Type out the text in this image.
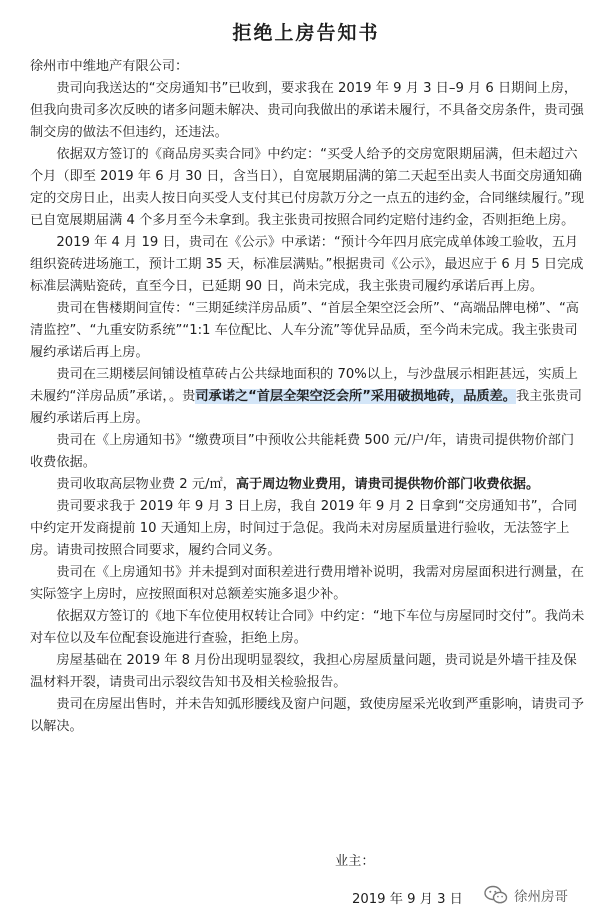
拒绝上房告知书

徐州市中维地产有限公司：

贵司向我送达的“交房通知书”已收到，要求我在 2019 年 9 月 3 日–9 月 6 日期间上房，但我向贵司多次反映的诸多问题未解决、贵司向我做出的承诺未履行，不具备交房条件，贵司强制交房的做法不但违约，还违法。

依据双方签订的《商品房买卖合同》中约定：“买受人给予的交房宽限期届满，但未超过六个月（即至 2019 年 6 月 30 日，含当日），自宽展期届满的第二天起至出卖人书面交房通知确定的交房日止，出卖人按日向买受人支付其已付房款万分之一点五的违约金，合同继续履行。”现已自宽展期届满 4 个多月至今未拿到。我主张贵司按照合同约定赔付违约金，否则拒绝上房。

2019 年 4 月 19 日，贵司在《公示》中承诺：“预计今年四月底完成单体竣工验收，五月组织瓷砖进场施工，预计工期 35 天，标准层满贴。”根据贵司《公示》，最迟应于 6 月 5 日完成标准层满贴瓷砖，直至今日，已延期 90 日，尚未完成，我主张贵司履约承诺后再上房。

贵司在售楼期间宣传：“三期延续洋房品质”、“首层全架空泛会所”、“高端品牌电梯”、“高清监控”、“九重安防系统”“1:1 车位配比、人车分流”等优异品质，至今尚未完成。我主张贵司履约承诺后再上房。

贵司在三期楼层间铺设植草砖占公共绿地面积的 70%以上，与沙盘展示相距甚远，实质上未履约“洋房品质”承诺，。贵司承诺之“首层全架空泛会所”采用破损地砖，品质差。我主张贵司履约承诺后再上房。

贵司在《上房通知书》“缴费项目”中预收公共能耗费 500 元/户/年，请贵司提供物价部门收费依据。

贵司收取高层物业费 2 元/㎡，高于周边物业费用，请贵司提供物价部门收费依据。

贵司要求我于 2019 年 9 月 3 日上房，我自 2019 年 9 月 2 日拿到“交房通知书”，合同中约定开发商提前 10 天通知上房，时间过于急促。我尚未对房屋质量进行验收，无法签字上房。请贵司按照合同要求，履约合同义务。

贵司在《上房通知书》并未提到对面积差进行费用增补说明，我需对房屋面积进行测量，在实际签字上房时，应按照面积对总额差实施多退少补。

依据双方签订的《地下车位使用权转让合同》中约定：“地下车位与房屋同时交付”。我尚未对车位以及车位配套设施进行查验，拒绝上房。

房屋基础在 2019 年 8 月份出现明显裂纹，我担心房屋质量问题，贵司说是外墙干挂及保温材料开裂，请贵司出示裂纹告知书及相关检验报告。

贵司在房屋出售时，并未告知弧形腰线及窗户问题，致使房屋采光收到严重影响，请贵司予以解决。

业主：

2019 年 9 月 3 日	徐州房哥
